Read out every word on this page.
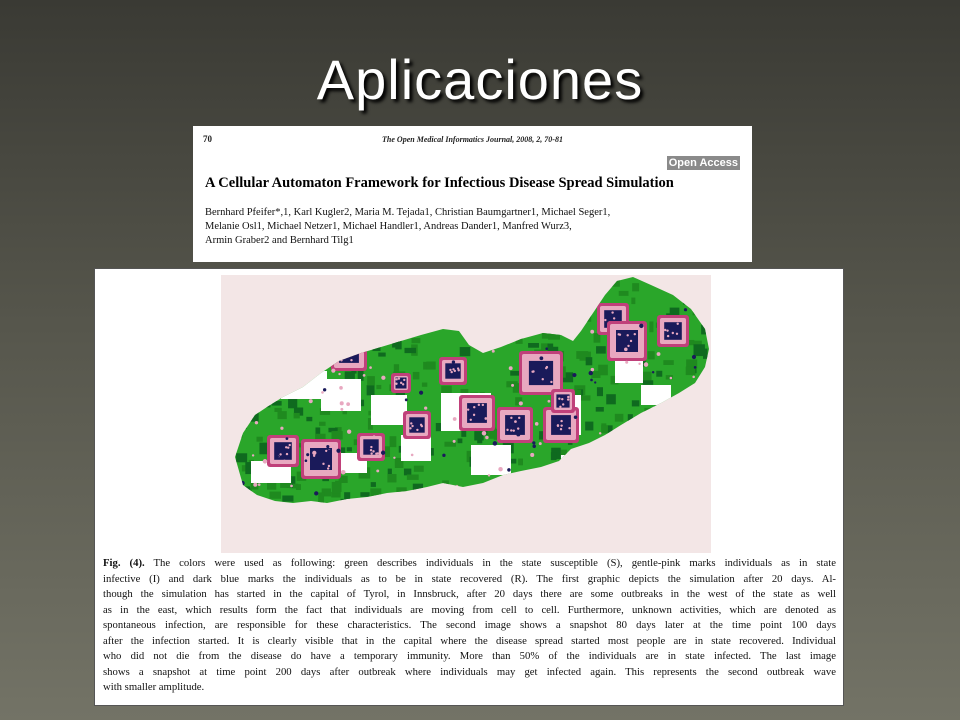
Aplicaciones
70	The Open Medical Informatics Journal, 2008, 2, 70-81
Open Access
A Cellular Automaton Framework for Infectious Disease Spread Simulation
Bernhard Pfeifer*,1, Karl Kugler2, Maria M. Tejada1, Christian Baumgartner1, Michael Seger1,
Melanie Osl1, Michael Netzer1, Michael Handler1, Andreas Dander1, Manfred Wurz3,
Armin Graber2 and Bernhard Tilg1
Fig. (4). The colors were used as following: green describes individuals in the state susceptible (S), gentle-pink marks individuals as in state
infective (I) and dark blue marks the individuals as to be in state recovered (R). The first graphic depicts the simulation after 20 days. Al-
though the simulation has started in the capital of Tyrol, in Innsbruck, after 20 days there are some outbreaks in the west of the state as well
as in the east, which results form the fact that individuals are moving from cell to cell. Furthermore, unknown activities, which are denoted as
spontaneous infection, are responsible for these characteristics. The second image shows a snapshot 80 days later at the time point 100 days
after the infection started. It is clearly visible that in the capital where the disease spread started most people are in state recovered. Individual
who did not die from the disease do have a temporary immunity. More than 50% of the individuals are in state infected. The last image
shows a snapshot at time point 200 days after outbreak where individuals may get infected again. This represents the second outbreak wave
with smaller amplitude.
